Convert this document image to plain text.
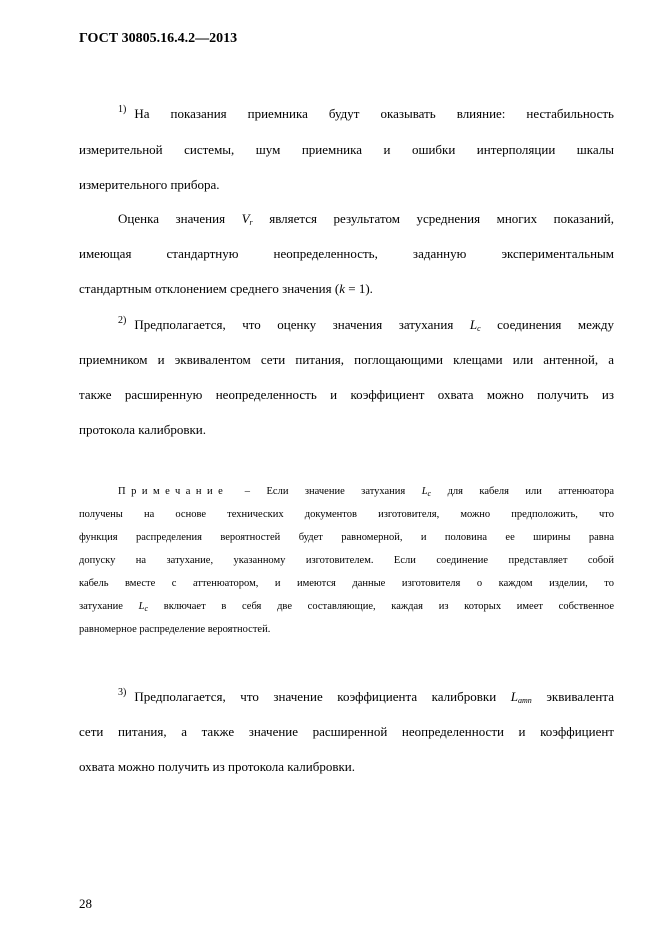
ГОСТ 30805.16.4.2—2013

$^{1)}$ На показания приемника будут оказывать влияние: нестабильность
измерительной системы, шум приемника и ошибки интерполяции шкалы
измерительного прибора.
Оценка значения $V_r$ является результатом усреднения многих показаний,
имеющая стандартную неопределенность, заданную экспериментальным
стандартным отклонением среднего значения (k = 1).
$^{2)}$ Предполагается, что оценку значения затухания $L_c$ соединения между
приемником и эквивалентом сети питания, поглощающими клещами или антенной, а
также расширенную неопределенность и коэффициент охвата можно получить из
протокола калибровки.
Примечание – Если значение затухания $L_c$ для кабеля или аттенюатора
получены на основе технических документов изготовителя, можно предположить, что
функция распределения вероятностей будет равномерной, и половина ее ширины равна
допуску на затухание, указанному изготовителем. Если соединение представляет собой
кабель вместе с аттенюатором, и имеются данные изготовителя о каждом изделии, то
затухание $L_c$ включает в себя две составляющие, каждая из которых имеет собственное
равномерное распределение вероятностей.
$^{3)}$ Предполагается, что значение коэффициента калибровки $L_{amn}$ эквивалента
сети питания, а также значение расширенной неопределенности и коэффициент
охвата можно получить из протокола калибровки.

28
